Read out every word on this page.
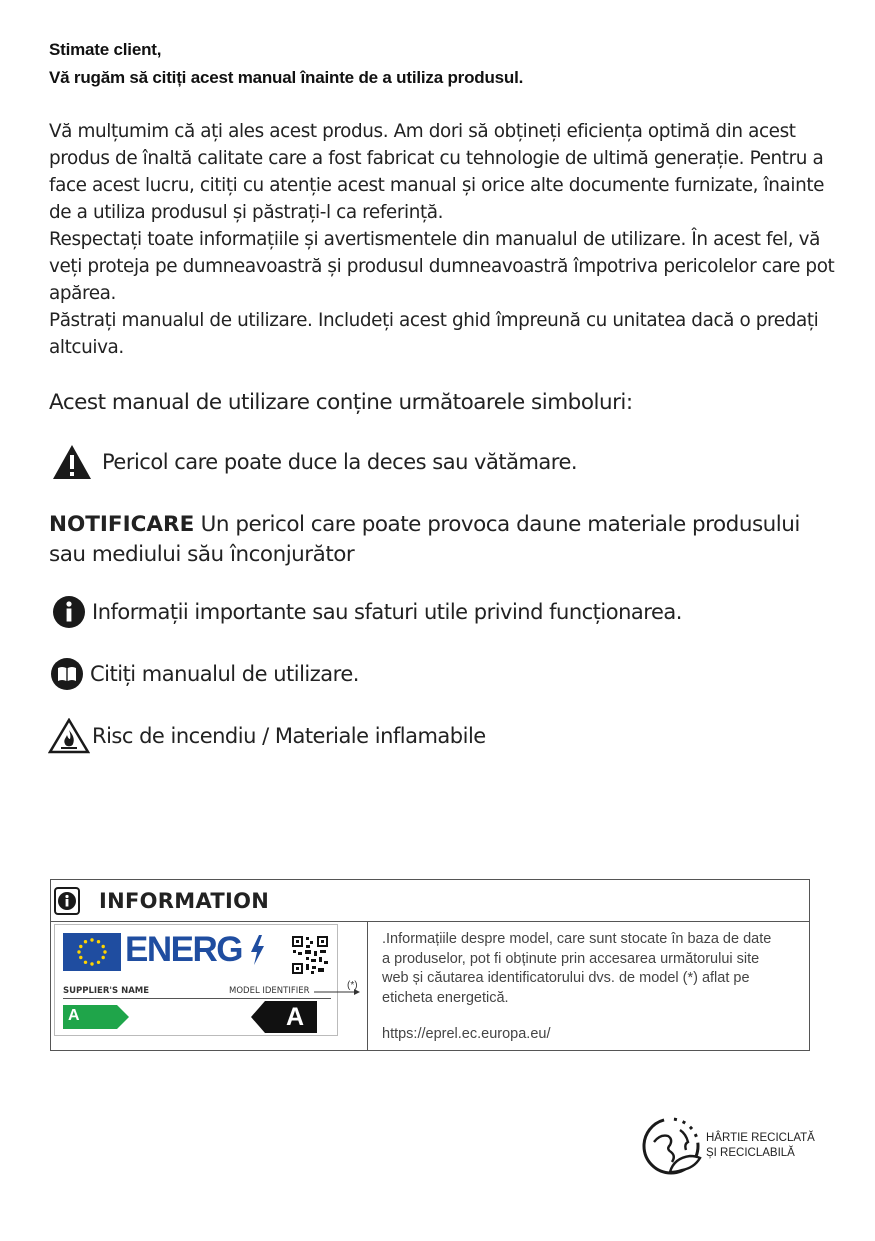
Stimate client,
Vă rugăm să citiți acest manual înainte de a utiliza produsul.

Vă mulțumim că ați ales acest produs. Am dori să obțineți eficiența optimă din acest produs de înaltă calitate care a fost fabricat cu tehnologie de ultimă generație. Pentru a face acest lucru, citiți cu atenție acest manual și orice alte documente furnizate, înainte de a utiliza produsul și păstrați-l ca referință.

Respectați toate informațiile și avertismentele din manualul de utilizare. În acest fel, vă veți proteja pe dumneavoastră și produsul dumneavoastră împotriva pericolelor care pot apărea.

Păstrați manualul de utilizare. Includeți acest ghid împreună cu unitatea dacă o predați altcuiva.

Acest manual de utilizare conține următoarele simboluri:
Pericol care poate duce la deces sau vătămare.
NOTIFICARE Un pericol care poate provoca daune materiale produsului sau mediului său înconjurător
Informații importante sau sfaturi utile privind funcționarea.
Citiți manualul de utilizare.
Risc de incendiu / Materiale inflamabile
INFORMATION
ENERG
SUPPLIER'S NAME	MODEL IDENTIFIER
A	A
(*)
.Informațiile despre model, care sunt stocate în baza de date a produselor, pot fi obținute prin accesarea următorului site web și căutarea identificatorului dvs. de model (*) aflat pe eticheta energetică.
https://eprel.ec.europa.eu/
HÂRTIE RECICLATĂ ȘI RECICLABILĂ
